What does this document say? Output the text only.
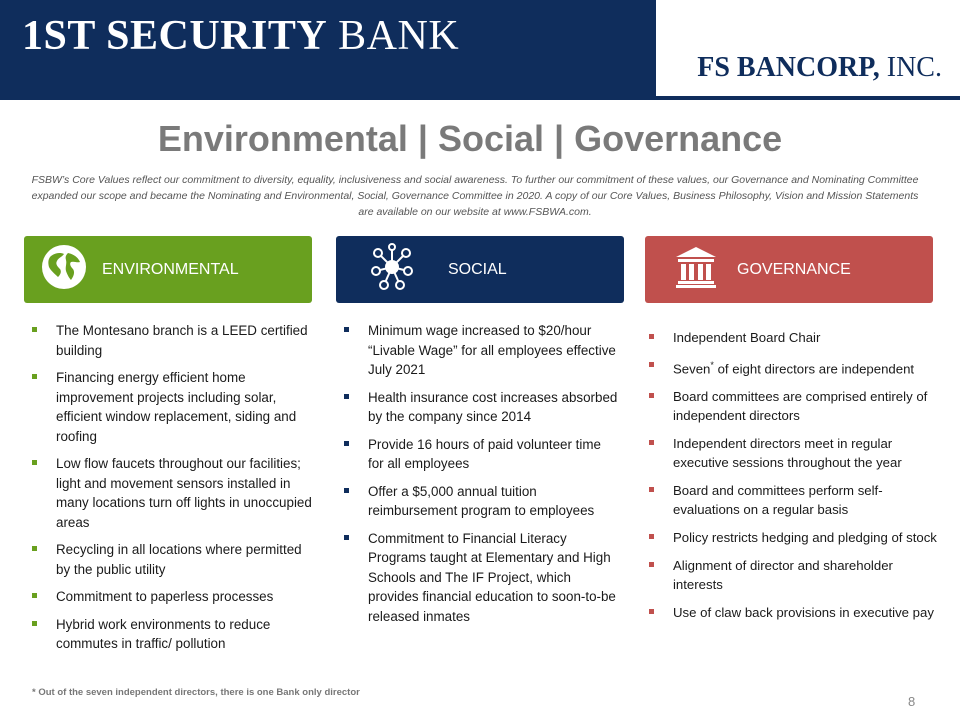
1ST SECURITY BANK
FS BANCORP, INC.
Environmental | Social | Governance
FSBW’s Core Values reflect our commitment to diversity, equality, inclusiveness and social awareness. To further our commitment of these values, our Governance and Nominating Committee expanded our scope and became the Nominating and Environmental, Social, Governance Committee in 2020. A copy of our Core Values, Business Philosophy, Vision and Mission Statements are available on our website at www.FSBWA.com.
ENVIRONMENTAL	SOCIAL	GOVERNANCE
The Montesano branch is a LEED certified building
Financing energy efficient home improvement projects including solar, efficient window replacement, siding and roofing
Low flow faucets throughout our facilities; light and movement sensors installed in many locations turn off lights in unoccupied areas
Recycling in all locations where permitted by the public utility
Commitment to paperless processes
Hybrid work environments to reduce commutes in traffic/ pollution
Minimum wage increased to $20/hour “Livable Wage” for all employees effective July 2021
Health insurance cost increases absorbed by the company since 2014
Provide 16 hours of paid volunteer time for all employees
Offer a $5,000 annual tuition reimbursement program to employees
Commitment to Financial Literacy Programs taught at Elementary and High Schools and The IF Project, which provides financial education to soon-to-be released inmates
Independent Board Chair
Seven* of eight directors are independent
Board committees are comprised entirely of independent directors
Independent directors meet in regular executive sessions throughout the year
Board and committees perform self-evaluations on a regular basis
Policy restricts hedging and pledging of stock
Alignment of director and shareholder interests
Use of claw back provisions in executive pay
* Out of the seven independent directors, there is one Bank only director
8
